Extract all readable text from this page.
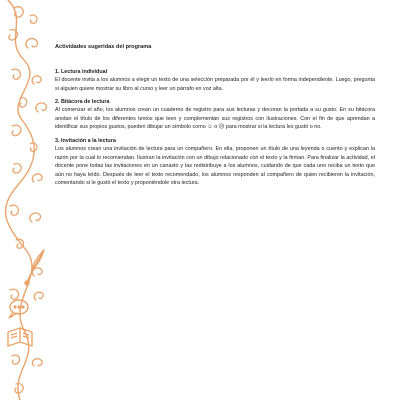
Actividades sugeridas del programa

1. Lectura individual

El docente invita a los alumnos a elegir un texto de una selección preparada por él y leerlo en forma independiente. Luego, pregunta si alguien quiere mostrar su libro al curso y leer un párrafo en voz alta.

2. Bitácora de lectura

Al comenzar el año, los alumnos crean un cuaderno de registro para sus lecturas y decoran la portada a su gusto. En su bitácora anotan el título de los diferentes textos que leen y complementan sus registros con ilustraciones. Con el fin de que aprendan a identificar sus propios gustos, pueden dibujar un símbolo como ☺ o ☹ para mostrar si la lectura les gustó o no.

3. Invitación a la lectura

Los alumnos crean una invitación de lectura para un compañero. En ella, proponen un título de una leyenda o cuento y explican la razón por la cual lo recomiendan. Ilustran la invitación con un dibujo relacionado con el texto y la firman. Para finalizar la actividad, el docente pone todas las invitaciones en un canasto y las redistribuye a los alumnos, cuidando de que cada uno reciba un texto que aún no haya leído. Después de leer el texto recomendado, los alumnos responden al compañero de quien recibieron la invitación, comentando si le gustó el texto y proponiéndole otra lectura.
